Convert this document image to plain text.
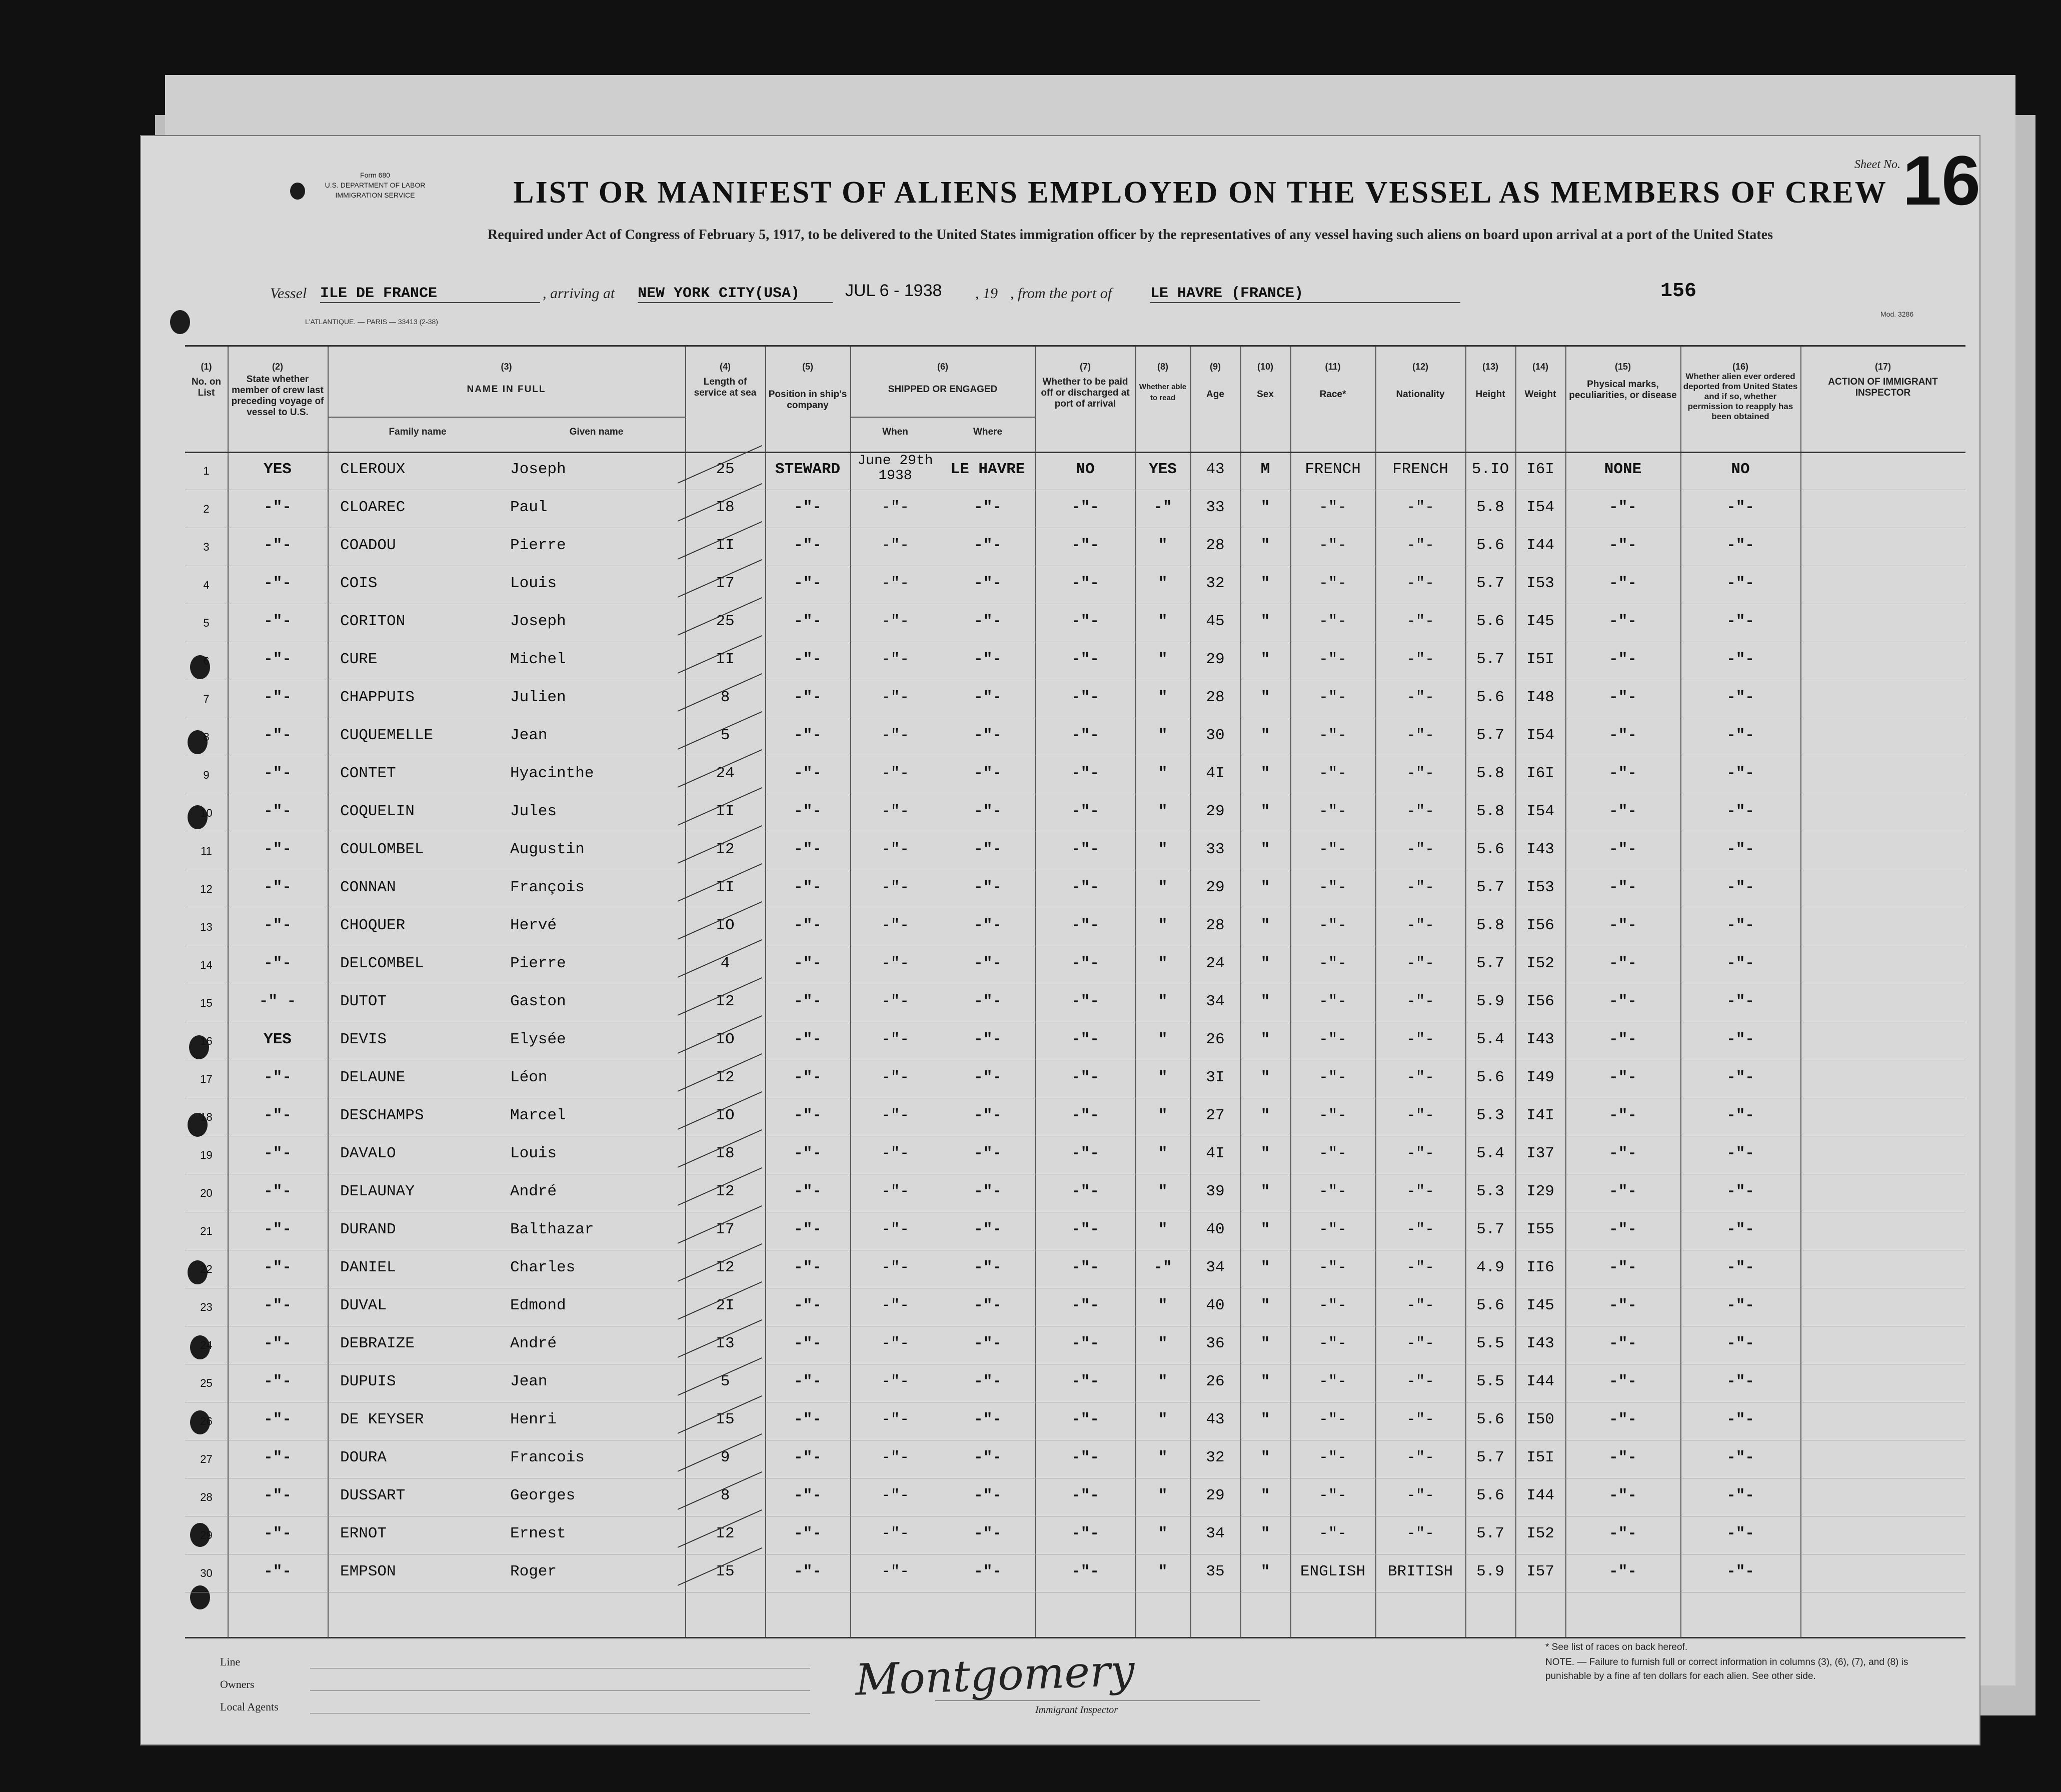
Form 680
U.S. DEPARTMENT OF LABOR
IMMIGRATION SERVICE
Sheet No. 16
LIST OR MANIFEST OF ALIENS EMPLOYED ON THE VESSEL AS MEMBERS OF CREW
Required under Act of Congress of February 5, 1917, to be delivered to the United States immigration officer by the representatives of any vessel having such aliens on board upon arrival at a port of the United States
Vessel ILE DE FRANCE	, arriving at NEW YORK CITY(USA)	JUL 6 - 1938 , 19 , from the port of	LE HAVRE (FRANCE)	156
L'ATLANTIQUE. — PARIS — 33413 (2-38)
Mod. 3286
(1)	(2)	(3)	(4)	(5)	(6)	(7)	(8)	(9)	(10)	(11)	(12)	(13)	(14)	(15)	(16)	(17)
No. on List
State whether member of crew last preceding voyage of vessel to U.S.
NAME IN FULL
Family name	Given name
Length of service at sea	Position in ship's company
SHIPPED OR ENGAGED
When	Where
Whether to be paid off or discharged at port of arrival
Whether able to read	Age	Sex	Race*	Nationality	Height	Weight
Physical marks, peculiarities, or disease
Whether alien ever ordered deported from United States and if so, whether permission to reapply has been obtained
ACTION OF IMMIGRANT INSPECTOR
1	YES	CLEROUX	Joseph	25	STEWARD	June 29th 1938	LE HAVRE	NO	YES	43	M	FRENCH	FRENCH	5.IO	I6I	NONE	NO
2	-"-	CLOAREC	Paul	I8	-"-	-"-	-"-	-"-	-"	33	"	-"-	-"-	5.8	I54	-"-	-"-
3	-"-	COADOU	Pierre	II	-"-	-"-	-"-	-"-	"	28	"	-"-	-"-	5.6	I44	-"-	-"-
4	-"-	COIS	Louis	I7	-"-	-"-	-"-	-"-	"	32	"	-"-	-"-	5.7	I53	-"-	-"-
5	-"-	CORITON	Joseph	25	-"-	-"-	-"-	-"-	"	45	"	-"-	-"-	5.6	I45	-"-	-"-
6	-"-	CURE	Michel	II	-"-	-"-	-"-	-"-	"	29	"	-"-	-"-	5.7	I5I	-"-	-"-
7	-"-	CHAPPUIS	Julien	8	-"-	-"-	-"-	-"-	"	28	"	-"-	-"-	5.6	I48	-"-	-"-
8	-"-	CUQUEMELLE	Jean	5	-"-	-"-	-"-	-"-	"	30	"	-"-	-"-	5.7	I54	-"-	-"-
9	-"-	CONTET	Hyacinthe	24	-"-	-"-	-"-	-"-	"	4I	"	-"-	-"-	5.8	I6I	-"-	-"-
10	-"-	COQUELIN	Jules	II	-"-	-"-	-"-	-"-	"	29	"	-"-	-"-	5.8	I54	-"-	-"-
11	-"-	COULOMBEL	Augustin	I2	-"-	-"-	-"-	-"-	"	33	"	-"-	-"-	5.6	I43	-"-	-"-
12	-"-	CONNAN	François	II	-"-	-"-	-"-	-"-	"	29	"	-"-	-"-	5.7	I53	-"-	-"-
13	-"-	CHOQUER	Hervé	IO	-"-	-"-	-"-	-"-	"	28	"	-"-	-"-	5.8	I56	-"-	-"-
14	-"-	DELCOMBEL	Pierre	4	-"-	-"-	-"-	-"-	"	24	"	-"-	-"-	5.7	I52	-"-	-"-
15	-" -	DUTOT	Gaston	I2	-"-	-"-	-"-	-"-	"	34	"	-"-	-"-	5.9	I56	-"-	-"-
16	YES	DEVIS	Elysée	IO	-"-	-"-	-"-	-"-	"	26	"	-"-	-"-	5.4	I43	-"-	-"-
17	-"-	DELAUNE	Léon	I2	-"-	-"-	-"-	-"-	"	3I	"	-"-	-"-	5.6	I49	-"-	-"-
18	-"-	DESCHAMPS	Marcel	IO	-"-	-"-	-"-	-"-	"	27	"	-"-	-"-	5.3	I4I	-"-	-"-
19	-"-	DAVALO	Louis	I8	-"-	-"-	-"-	-"-	"	4I	"	-"-	-"-	5.4	I37	-"-	-"-
20	-"-	DELAUNAY	André	I2	-"-	-"-	-"-	-"-	"	39	"	-"-	-"-	5.3	I29	-"-	-"-
21	-"-	DURAND	Balthazar	I7	-"-	-"-	-"-	-"-	"	40	"	-"-	-"-	5.7	I55	-"-	-"-
22	-"-	DANIEL	Charles	I2	-"-	-"-	-"-	-"-	-"	34	"	-"-	-"-	4.9	II6	-"-	-"-
23	-"-	DUVAL	Edmond	2I	-"-	-"-	-"-	-"-	"	40	"	-"-	-"-	5.6	I45	-"-	-"-
24	-"-	DEBRAIZE	André	I3	-"-	-"-	-"-	-"-	"	36	"	-"-	-"-	5.5	I43	-"-	-"-
25	-"-	DUPUIS	Jean	5	-"-	-"-	-"-	-"-	"	26	"	-"-	-"-	5.5	I44	-"-	-"-
26	-"-	DE KEYSER	Henri	I5	-"-	-"-	-"-	-"-	"	43	"	-"-	-"-	5.6	I50	-"-	-"-
27	-"-	DOURA	Francois	9	-"-	-"-	-"-	-"-	"	32	"	-"-	-"-	5.7	I5I	-"-	-"-
28	-"-	DUSSART	Georges	8	-"-	-"-	-"-	-"-	"	29	"	-"-	-"-	5.6	I44	-"-	-"-
29	-"-	ERNOT	Ernest	I2	-"-	-"-	-"-	-"-	"	34	"	-"-	-"-	5.7	I52	-"-	-"-
30	-"-	EMPSON	Roger	I5	-"-	-"-	-"-	-"-	"	35	"	ENGLISH	BRITISH	5.9	I57	-"-	-"-
Line
Owners
Local Agents
Montgomery
Immigrant Inspector
* See list of races on back hereof.
NOTE. — Failure to furnish full or correct information in columns (3), (6), (7), and (8) is punishable by a fine af ten dollars for each alien. See other side.
